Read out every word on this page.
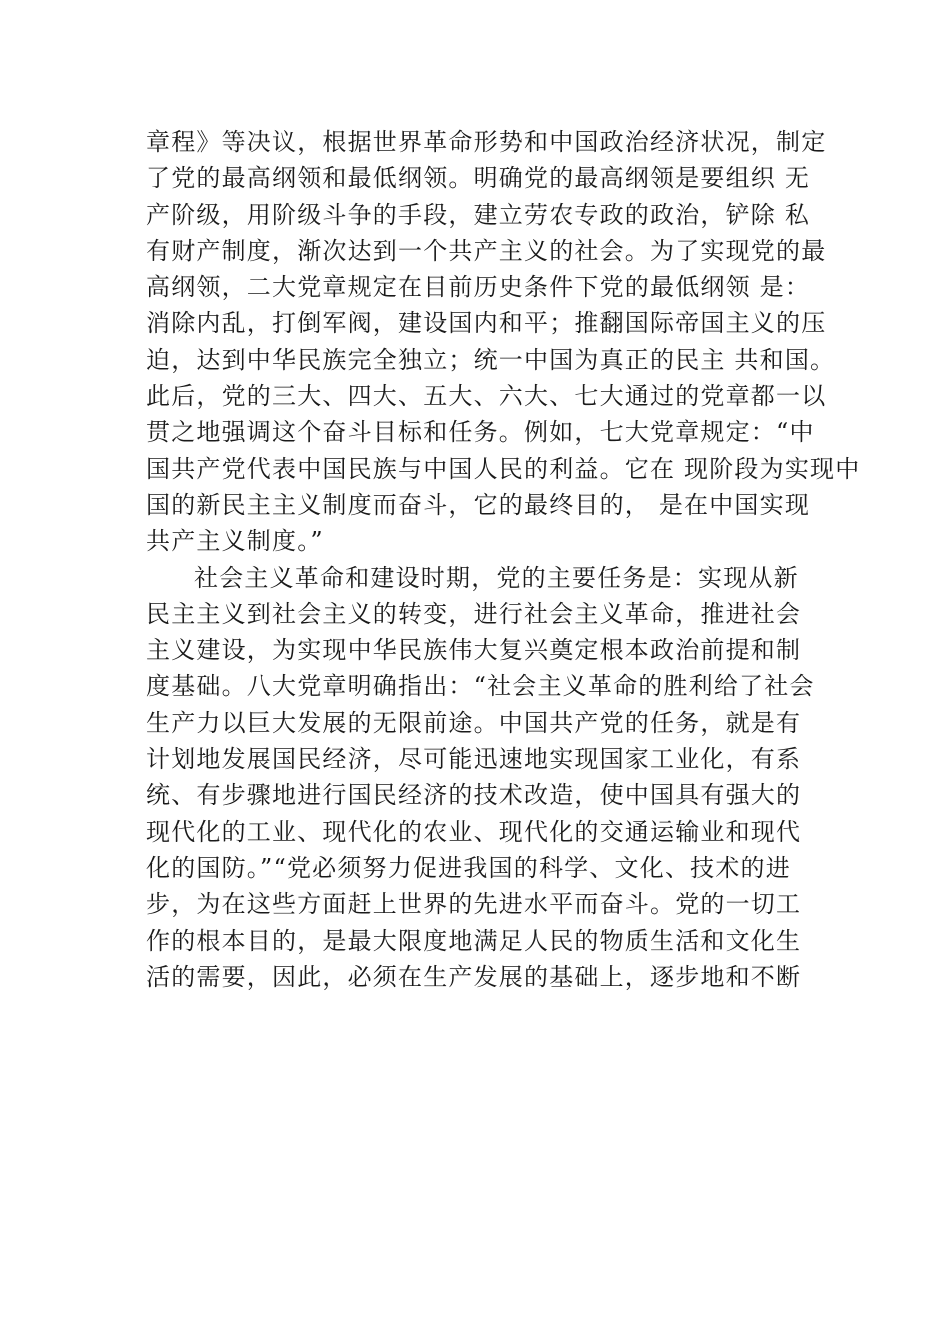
章程》等决议，根据世界革命形势和中国政治经济状况，制定
了党的最高纲领和最低纲领。明确党的最高纲领是要组织 无
产阶级，用阶级斗争的手段，建立劳农专政的政治，铲除 私
有财产制度，渐次达到一个共产主义的社会。为了实现党的最
高纲领，二大党章规定在目前历史条件下党的最低纲领 是：
消除内乱，打倒军阀，建设国内和平；推翻国际帝国主义的压
迫，达到中华民族完全独立；统一中国为真正的民主 共和国。
此后，党的三大、四大、五大、六大、七大通过的党章都一以
贯之地强调这个奋斗目标和任务。例如，七大党章规定：“中
国共产党代表中国民族与中国人民的利益。它在 现阶段为实现中
国的新民主主义制度而奋斗，它的最终目的， 是在中国实现
共产主义制度。”
社会主义革命和建设时期，党的主要任务是：实现从新
民主主义到社会主义的转变，进行社会主义革命，推进社会
主义建设，为实现中华民族伟大复兴奠定根本政治前提和制
度基础。八大党章明确指出：“社会主义革命的胜利给了社会
生产力以巨大发展的无限前途。中国共产党的任务，就是有
计划地发展国民经济，尽可能迅速地实现国家工业化，有系
统、有步骤地进行国民经济的技术改造，使中国具有强大的
现代化的工业、现代化的农业、现代化的交通运输业和现代
化的国防。”“党必须努力促进我国的科学、文化、技术的进
步，为在这些方面赶上世界的先进水平而奋斗。党的一切工
作的根本目的，是最大限度地满足人民的物质生活和文化生
活的需要，因此，必须在生产发展的基础上，逐步地和不断
